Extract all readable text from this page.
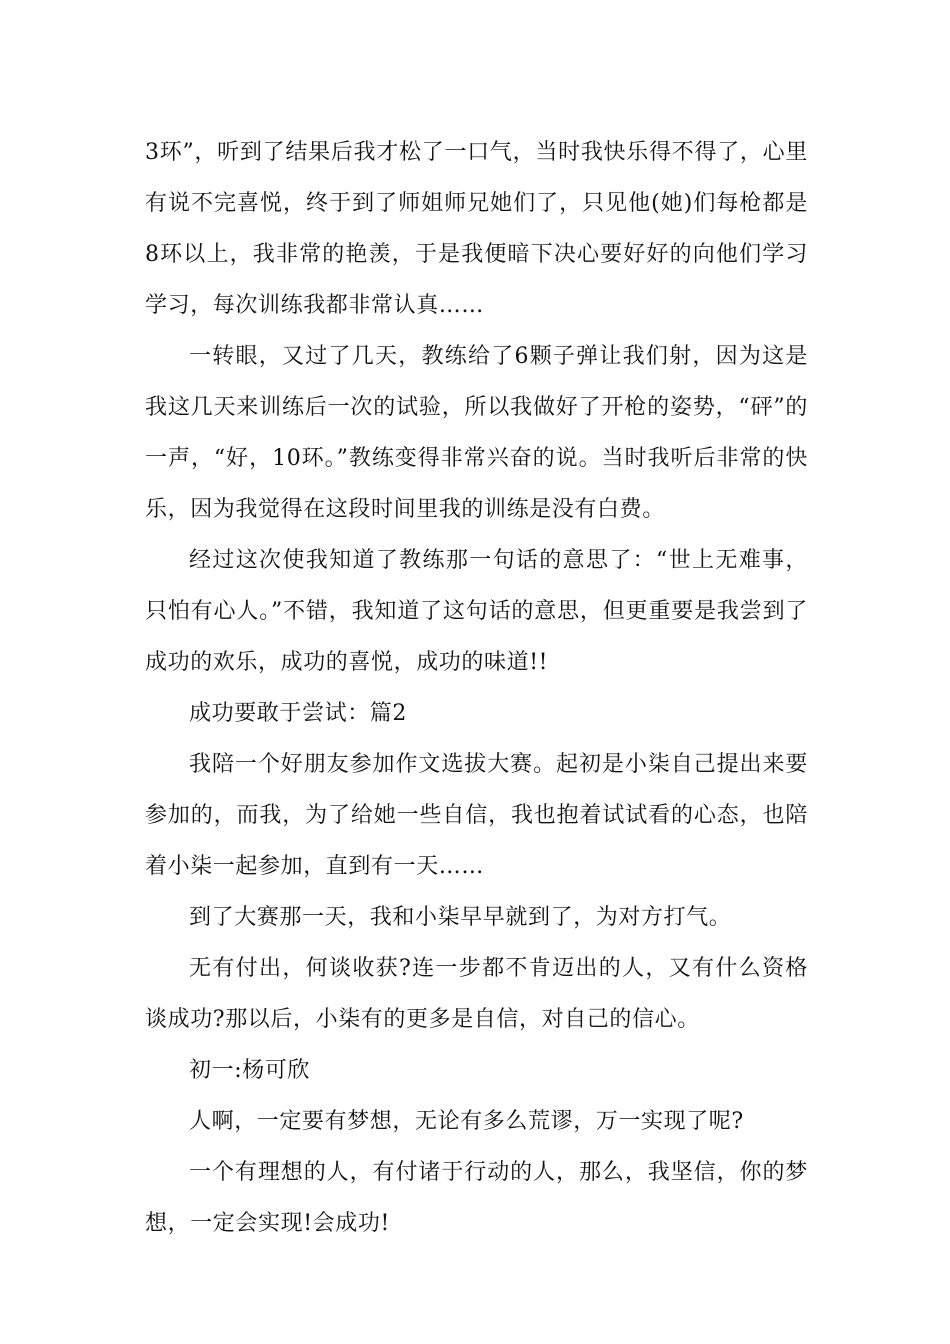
3环”，听到了结果后我才松了一口气，当时我快乐得不得了，心里有说不完喜悦，终于到了师姐师兄她们了，只见他(她)们每枪都是8环以上，我非常的艳羡，于是我便暗下决心要好好的向他们学习学习，每次训练我都非常认真……

一转眼，又过了几天，教练给了6颗子弹让我们射，因为这是我这几天来训练后一次的试验，所以我做好了开枪的姿势，“砰”的一声，“好，10环。”教练变得非常兴奋的说。当时我听后非常的快乐，因为我觉得在这段时间里我的训练是没有白费。

经过这次使我知道了教练那一句话的意思了：“世上无难事，只怕有心人。”不错，我知道了这句话的意思，但更重要是我尝到了成功的欢乐，成功的喜悦，成功的味道!!

成功要敢于尝试：篇2

我陪一个好朋友参加作文选拔大赛。起初是小柒自己提出来要参加的，而我，为了给她一些自信，我也抱着试试看的心态，也陪着小柒一起参加，直到有一天……

到了大赛那一天，我和小柒早早就到了，为对方打气。

无有付出，何谈收获?连一步都不肯迈出的人，又有什么资格谈成功?那以后，小柒有的更多是自信，对自己的信心。

初一:杨可欣

人啊，一定要有梦想，无论有多么荒谬，万一实现了呢?

一个有理想的人，有付诸于行动的人，那么，我坚信，你的梦想，一定会实现!会成功!
